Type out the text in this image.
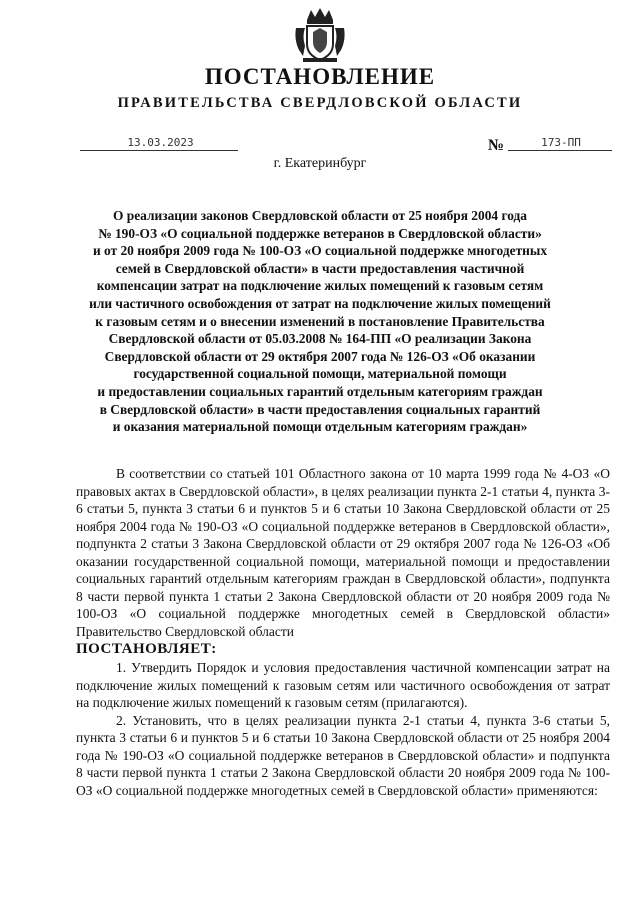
ПОСТАНОВЛЕНИЕ
ПРАВИТЕЛЬСТВА СВЕРДЛОВСКОЙ ОБЛАСТИ
13.03.2023	№	173-ПП
г. Екатеринбург
О реализации законов Свердловской области от 25 ноября 2004 года
№ 190-ОЗ «О социальной поддержке ветеранов в Свердловской области»
и от 20 ноября 2009 года № 100-ОЗ «О социальной поддержке многодетных
семей в Свердловской области» в части предоставления частичной
компенсации затрат на подключение жилых помещений к газовым сетям
или частичного освобождения от затрат на подключение жилых помещений
к газовым сетям и о внесении изменений в постановление Правительства
Свердловской области от 05.03.2008 № 164-ПП «О реализации Закона
Свердловской области от 29 октября 2007 года № 126-ОЗ «Об оказании
государственной социальной помощи, материальной помощи
и предоставлении социальных гарантий отдельным категориям граждан
в Свердловской области» в части предоставления социальных гарантий
и оказания материальной помощи отдельным категориям граждан»

В соответствии со статьей 101 Областного закона от 10 марта 1999 года № 4-ОЗ «О правовых актах в Свердловской области», в целях реализации пункта 2-1 статьи 4, пункта 3-6 статьи 5, пункта 3 статьи 6 и пунктов 5 и 6 статьи 10 Закона Свердловской области от 25 ноября 2004 года № 190-ОЗ «О социальной поддержке ветеранов в Свердловской области», подпункта 2 статьи 3 Закона Свердловской области от 29 октября 2007 года № 126-ОЗ «Об оказании государственной социальной помощи, материальной помощи и предоставлении социальных гарантий отдельным категориям граждан в Свердловской области», подпункта 8 части первой пункта 1 статьи 2 Закона Свердловской области от 20 ноября 2009 года № 100-ОЗ «О социальной поддержке многодетных семей в Свердловской области» Правительство Свердловской области

ПОСТАНОВЛЯЕТ:

1. Утвердить Порядок и условия предоставления частичной компенсации затрат на подключение жилых помещений к газовым сетям или частичного освобождения от затрат на подключение жилых помещений к газовым сетям (прилагаются).

2. Установить, что в целях реализации пункта 2-1 статьи 4, пункта 3-6 статьи 5, пункта 3 статьи 6 и пунктов 5 и 6 статьи 10 Закона Свердловской области от 25 ноября 2004 года № 190-ОЗ «О социальной поддержке ветеранов в Свердловской области» и подпункта 8 части первой пункта 1 статьи 2 Закона Свердловской области 20 ноября 2009 года № 100-ОЗ «О социальной поддержке многодетных семей в Свердловской области» применяются:
